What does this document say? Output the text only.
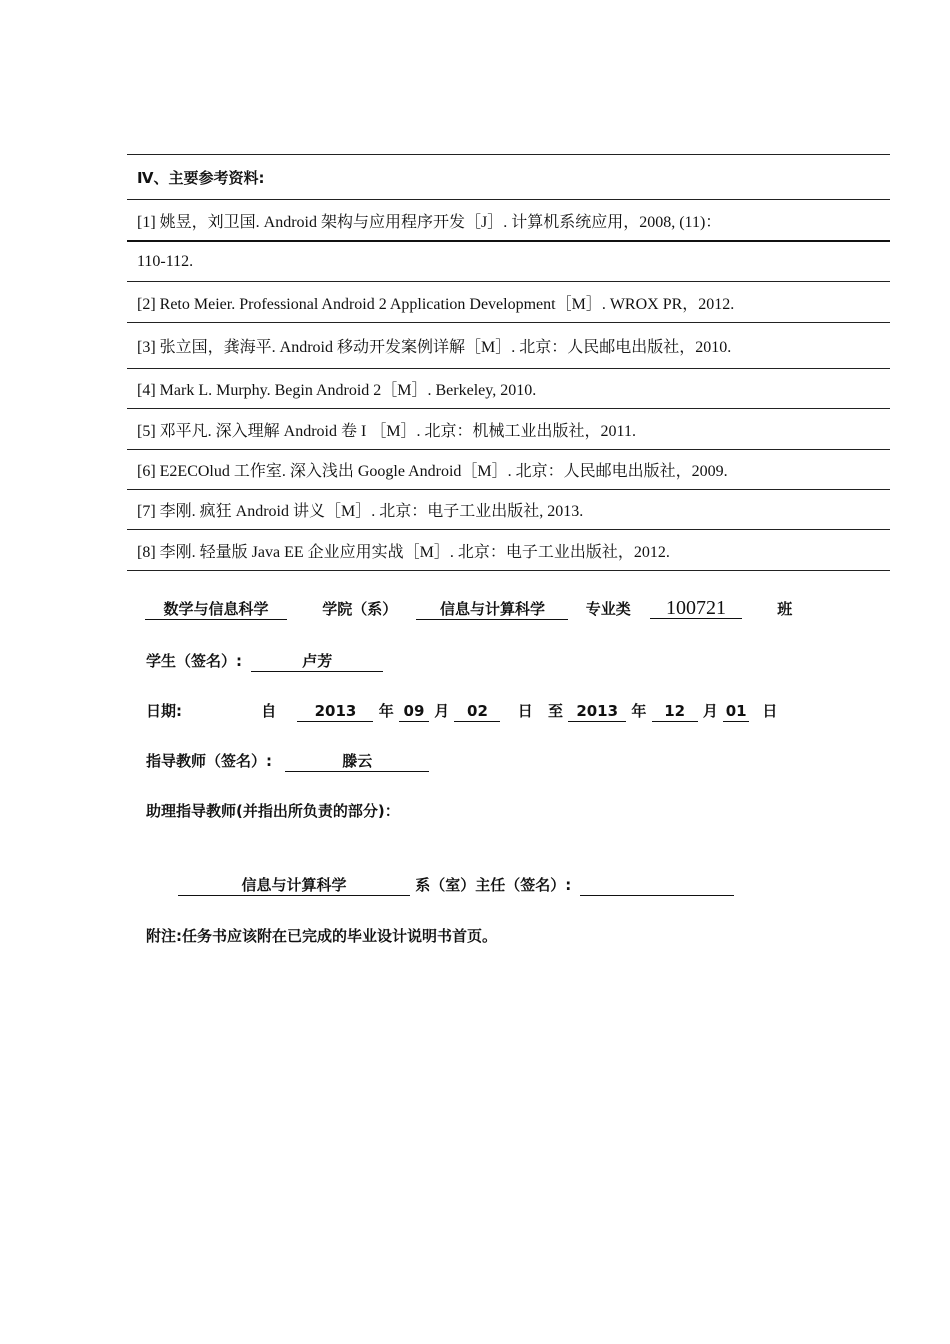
Ⅳ、主要参考资料:
[1] 姚昱，刘卫国. Android 架构与应用程序开发［J］. 计算机系统应用，2008, (11)：
110-112.
[2] Reto Meier. Professional Android 2 Application Development［M］. WROX PR，2012.
[3] 张立国，龚海平. Android 移动开发案例详解［M］. 北京：人民邮电出版社，2010.
[4] Mark L. Murphy. Begin Android 2［M］. Berkeley, 2010.
[5] 邓平凡. 深入理解 Android 卷 I ［M］. 北京：机械工业出版社，2011.
[6] E2ECOlud 工作室. 深入浅出 Google Android［M］. 北京：人民邮电出版社，2009.
[7] 李刚. 疯狂 Android 讲义［M］. 北京：电子工业出版社, 2013.
[8] 李刚. 轻量版 Java EE 企业应用实战［M］. 北京：电子工业出版社，2012.
数学与信息科学	学院（系）	信息与计算科学	专业类 100721	班
学生（签名）:	卢芳
日期:	自	2013 年 09 月 02 日 至 2013 年 12 月 01 日
指导教师（签名）:	滕云
助理指导教师(并指出所负责的部分)：
信息与计算科学	系（室）主任（签名）:
附注:任务书应该附在已完成的毕业设计说明书首页。
